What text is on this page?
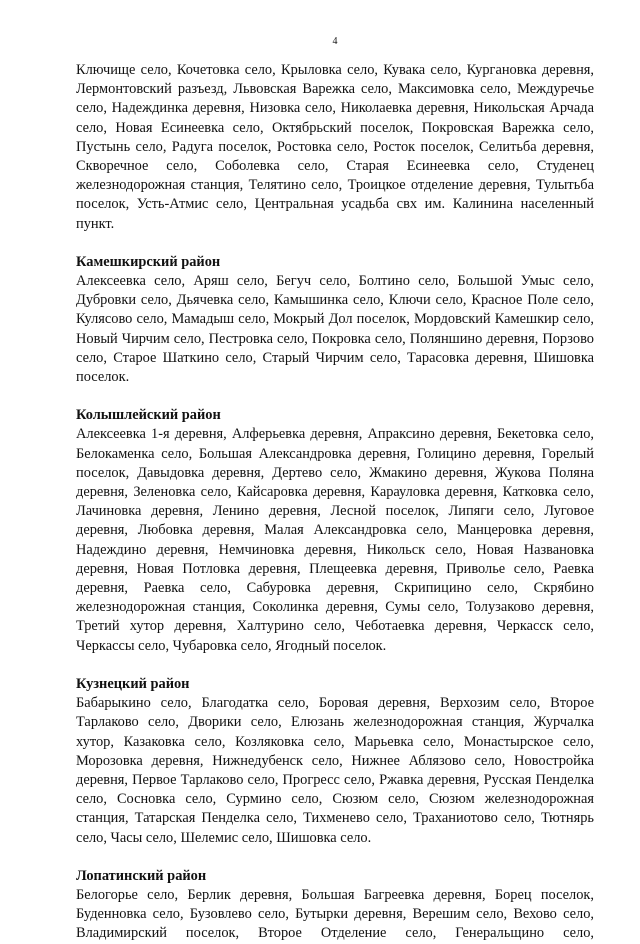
4

Ключище село, Кочетовка село, Крыловка село, Кувака село, Кургановка деревня, Лермонтовский разъезд, Львовская Варежка село, Максимовка село, Междуречье село, Надеждинка деревня, Низовка село, Николаевка деревня, Никольская Арчада село, Новая Есинеевка село, Октябрьский поселок, Покровская Варежка село, Пустынь село, Радуга поселок, Ростовка село, Росток поселок, Селитьба деревня, Скворечное село, Соболевка село, Старая Есинеевка село, Студенец железнодорожная станция, Телятино село, Троицкое отделение деревня, Тулытьба поселок, Усть-Атмис село, Центральная усадьба свх им. Калинина населенный пункт.

Камешкирский район

Алексеевка село, Аряш село, Бегуч село, Болтино село, Большой Умыс село, Дубровки село, Дьячевка село, Камышинка село, Ключи село, Красное Поле село, Кулясово село, Мамадыш село, Мокрый Дол поселок, Мордовский Камешкир село, Новый Чирчим село, Пестровка село, Покровка село, Поляншино деревня, Порзово село, Старое Шаткино село, Старый Чирчим село, Тарасовка деревня, Шишовка поселок.

Колышлейский район

Алексеевка 1-я деревня, Алферьевка деревня, Апраксино деревня, Бекетовка село, Белокаменка село, Большая Александровка деревня, Голицино деревня, Горелый поселок, Давыдовка деревня, Дертево село, Жмакино деревня, Жукова Поляна деревня, Зеленовка село, Кайсаровка деревня, Карауловка деревня, Катковка село, Лачиновка деревня, Ленино деревня, Лесной поселок, Липяги село, Луговое деревня, Любовка деревня, Малая Александровка село, Манцеровка деревня, Надеждино деревня, Немчиновка деревня, Никольск село, Новая Названовка деревня, Новая Потловка деревня, Плещеевка деревня, Приволье село, Раевка деревня, Раевка село, Сабуровка деревня, Скрипицино село, Скрябино железнодорожная станция, Соколинка деревня, Сумы село, Толузаково деревня, Третий хутор деревня, Халтурино село, Чеботаевка деревня, Черкасск село, Черкассы село, Чубаровка село, Ягодный поселок.

Кузнецкий район

Бабарыкино село, Благодатка село, Боровая деревня, Верхозим село, Второе Тарлаково село, Дворики село, Елюзань железнодорожная станция, Журчалка хутор, Казаковка село, Козляковка село, Марьевка село, Монастырское село, Морозовка деревня, Нижнедубенск село, Нижнее Аблязово село, Новостройка деревня, Первое Тарлаково село, Прогресс село, Ржавка деревня, Русская Пенделка село, Сосновка село, Сурмино село, Сюзюм село, Сюзюм железнодорожная станция, Татарская Пенделка село, Тихменево село, Траханиотово село, Тютнярь село, Часы село, Шелемис село, Шишовка село.

Лопатинский район

Белогорье село, Берлик деревня, Большая Багреевка деревня, Борец поселок, Буденновка село, Бузовлево село, Бутырки деревня, Верешим село, Вехово село, Владимирский поселок, Второе Отделение село, Генеральщино село,
